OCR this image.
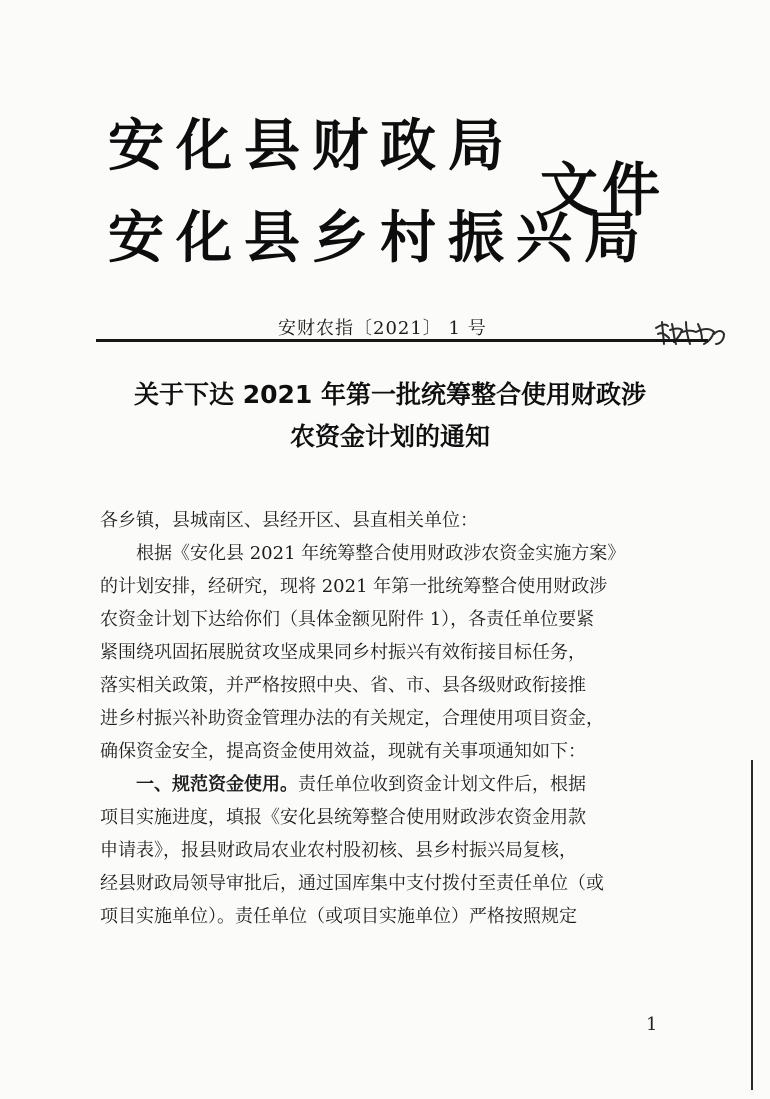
安化县财政局
安化县乡村振兴局
文件
安财农指〔2021〕 1 号
关于下达 2021 年第一批统筹整合使用财政涉
农资金计划的通知
各乡镇，县城南区、县经开区、县直相关单位：
根据《安化县 2021 年统筹整合使用财政涉农资金实施方案》
的计划安排，经研究，现将 2021 年第一批统筹整合使用财政涉
农资金计划下达给你们（具体金额见附件 1），各责任单位要紧
紧围绕巩固拓展脱贫攻坚成果同乡村振兴有效衔接目标任务，
落实相关政策，并严格按照中央、省、市、县各级财政衔接推
进乡村振兴补助资金管理办法的有关规定，合理使用项目资金，
确保资金安全，提高资金使用效益，现就有关事项通知如下：
一、规范资金使用。责任单位收到资金计划文件后，根据
项目实施进度，填报《安化县统筹整合使用财政涉农资金用款
申请表》，报县财政局农业农村股初核、县乡村振兴局复核，
经县财政局领导审批后，通过国库集中支付拨付至责任单位（或
项目实施单位）。责任单位（或项目实施单位）严格按照规定
1
